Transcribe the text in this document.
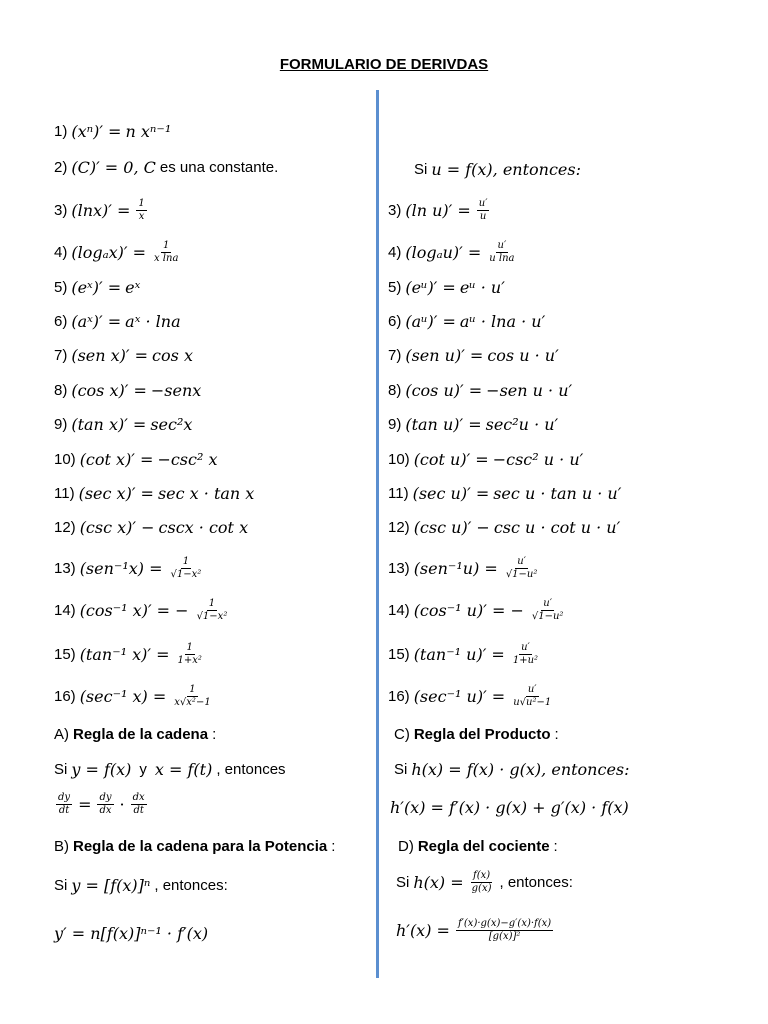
FORMULARIO DE DERIVDAS
1) (xⁿ)′ = n xⁿ⁻¹
2) (C)′ = 0, C es una constante.
3) $(\ln x)' = \frac{1}{x}$
4) $(\log_ax)' = \frac{1}{\text{x lna}}$
5) (eˣ)′ = eˣ
6) (aˣ)′ = aˣ · lna
7) (sen x)′ = cos x
8) (cos x)′ = −senx
9) (tan x)′ = sec²x
10) (cot x)′ = −csc² x
11) (sec x)′ = sec x · tan x
12) (csc x)′ − cscx · cot x
13) $(sen^{-1}x) = \frac{1}{\text{√1−x²}}$
14) (cos⁻¹ x)′ = − $\frac{1}{\text{√1−x²}}$
15) (tan⁻¹ $x)' = \frac{1}{\text{1+x²}}$
16) (sec⁻¹ $x) = \frac{1}{\text{x√x²−1}}$
3) (ln $u)' = \frac{u'}{u}$
4) $(\log_au)' = \frac{u'}{\text{u lna}}$
5) (eᵘ)′ = eᵘ · u′
6) (aᵘ)′ = aᵘ · lna · u′
7) (sen u)′ = cos u · u′
8) (cos u)′ = −sen u · u′
9) (tan u)′ = sec²u · u′
10) (cot u)′ = −csc² u · u′
11) (sec u)′ = sec u · tan u · u′
12) (csc u)′ − csc u · cot u · u′
13) $(sen^{-1}u) = \frac{u'}{\text{√1−u²}}$
14) (cos⁻¹ u)′ = − $\frac{u'}{\text{√1−u²}}$
15) (tan⁻¹ $u)' = \frac{u'}{\text{1+u²}}$
16) (sec⁻¹ $u)' = \frac{u'}{\text{u√u²−1}}$
Si u = f(x), entonces:
A) Regla de la cadena :
Si y = f(x) y x = f(t) , entonces
$\frac{dy}{dt} = \frac{dy}{dx} \cdot \frac{dx}{dt}$
B) Regla de la cadena para la Potencia :
Si y = [f(x)]ⁿ , entonces:
y′ = n[f(x)]ⁿ⁻¹ · f′(x)
C) Regla del Producto :
Si h(x) = f(x) · g(x), entonces:
h′(x) = f′(x) · g(x) + g′(x) · f(x)
D) Regla del cociente :
Si $h(x) = \frac{f(x)}{g(x)}$ , entonces:
$h'(x) = \frac{f'(x)\cdot g(x)-g'(x)\cdot f(x)}{\text{[g(x)]²}}$
